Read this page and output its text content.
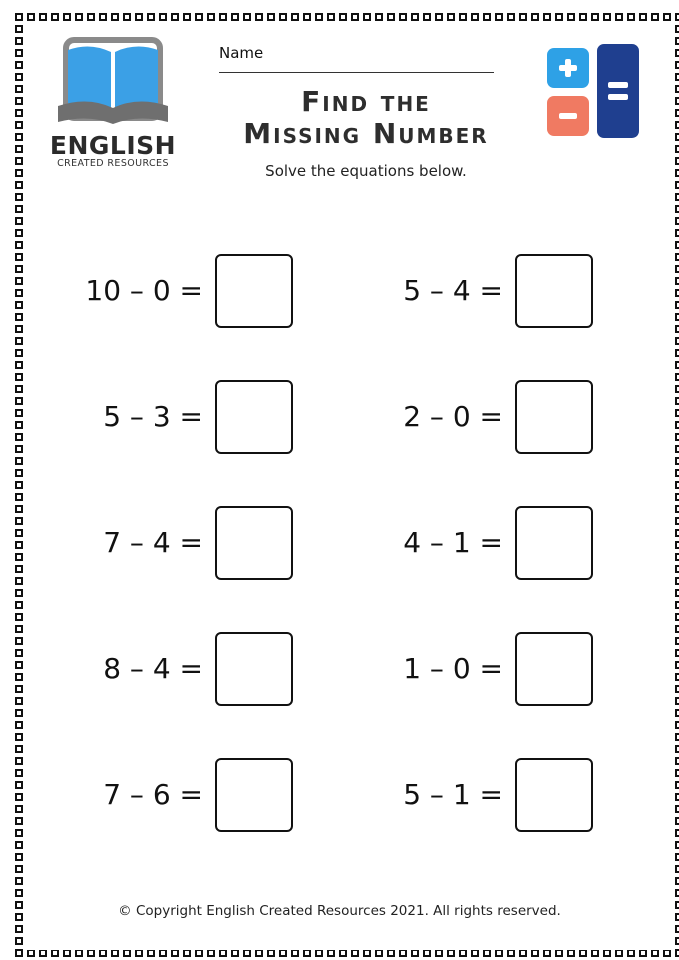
ENGLISH
CREATED RESOURCES
Name
Find the
Missing Number
Solve the equations below.
10 – 0 =	5 – 4 =
5 – 3 =	2 – 0 =
7 – 4 =	4 – 1 =
8 – 4 =	1 – 0 =
7 – 6 =	5 – 1 =
© Copyright English Created Resources 2021. All rights reserved.
